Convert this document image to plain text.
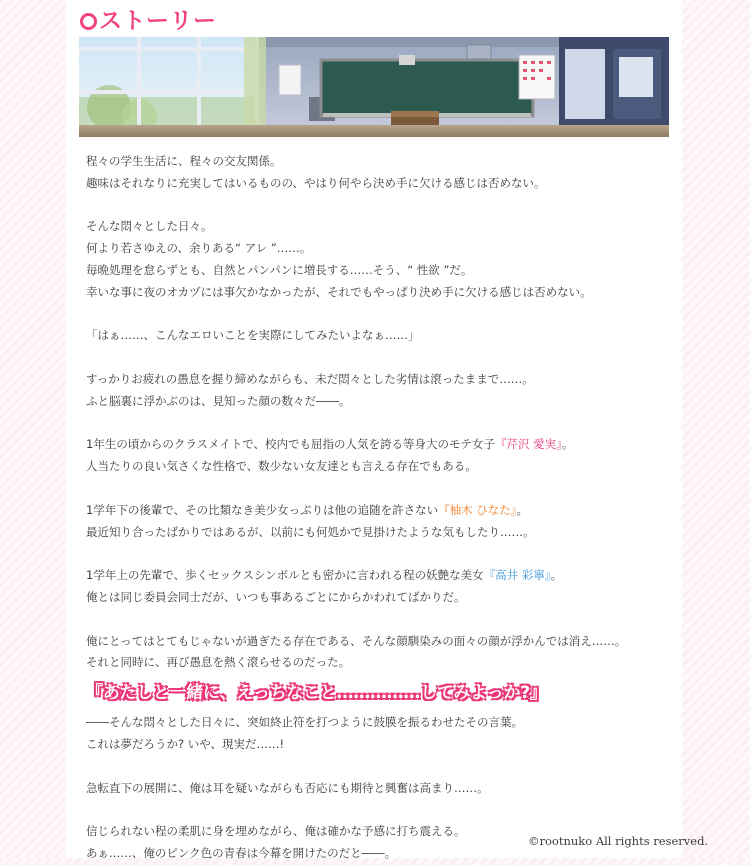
ストーリー

程々の学生生活に、程々の交友関係。

趣味はそれなりに充実してはいるものの、やはり何やら決め手に欠ける感じは否めない。

そんな悶々とした日々。

何より若さゆえの、余りある“ アレ ”……。

毎晩処理を怠らずとも、自然とパンパンに増長する……そう、“ 性欲 ”だ。

幸いな事に夜のオカヅには事欠かなかったが、それでもやっぱり決め手に欠ける感じは否めない。

「はぁ……、こんなエロいことを実際にしてみたいよなぁ……」

すっかりお疲れの愚息を握り締めながらも、未だ悶々とした劣情は滾ったままで……。

ふと脳裏に浮かぶのは、見知った顔の数々だ――。

1年生の頃からのクラスメイトで、校内でも屈指の人気を誇る等身大のモテ女子『芹沢 愛実』。

人当たりの良い気さくな性格で、数少ない女友達とも言える存在でもある。

1学年下の後輩で、その比類なき美少女っぷりは他の追随を許さない『柚木 ひなた』。

最近知り合ったばかりではあるが、以前にも何処かで見掛けたような気もしたり……。

1学年上の先輩で、歩くセックスシンボルとも密かに言われる程の妖艶な美女『高井 彩寧』。

俺とは同じ委員会同士だが、いつも事あるごとにからかわれてばかりだ。

俺にとってはとてもじゃないが過ぎたる存在である、そんな顔馴染みの面々の顔が浮かんでは消え……。

それと同時に、再び愚息を熱く滾らせるのだった。

『あたしと一緒に、えっちなこと……………してみよっか?』

――そんな悶々とした日々に、突如終止符を打つように鼓膜を振るわせたその言葉。

これは夢だろうか? いや、現実だ……!

急転直下の展開に、俺は耳を疑いながらも否応にも期待と興奮は高まり……。

信じられない程の柔肌に身を埋めながら、俺は確かな予感に打ち震える。

あぁ……、俺のピンク色の青春は今幕を開けたのだと――。

©rootnuko All rights reserved.
